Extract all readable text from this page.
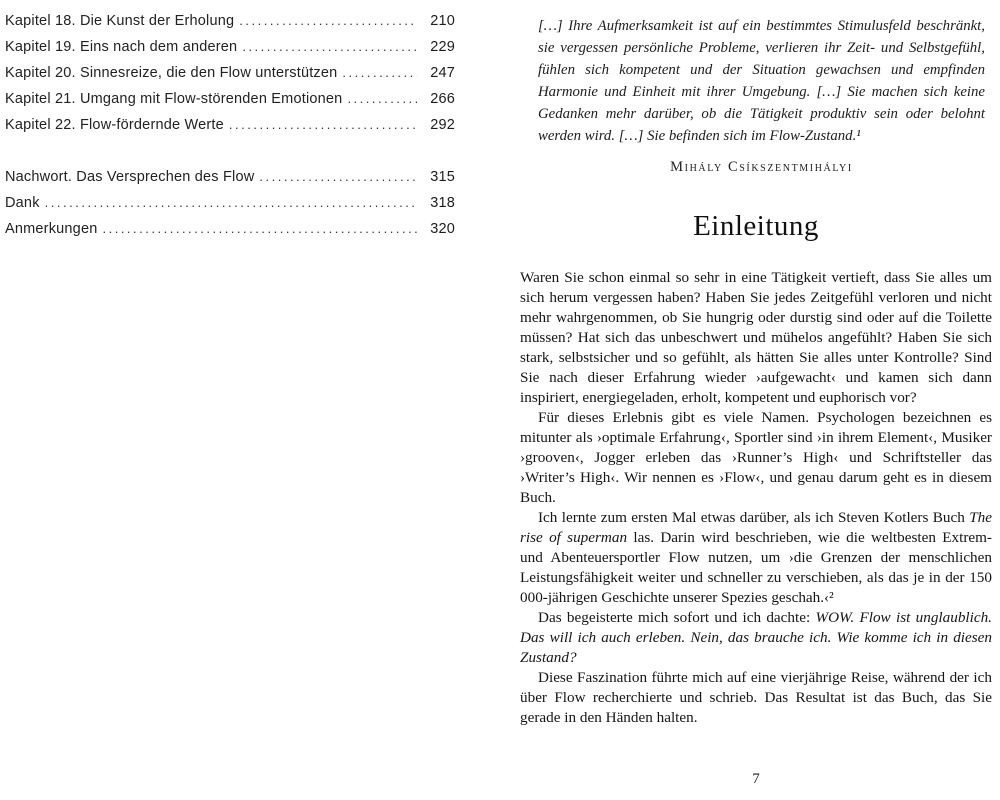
Kapitel 18. Die Kunst der Erholung .....	210
Kapitel 19. Eins nach dem anderen .....	229
Kapitel 20. Sinnesreize, die den Flow unterstützen .....	247
Kapitel 21. Umgang mit Flow-störenden Emotionen .....	266
Kapitel 22. Flow-fördernde Werte .....	292
Nachwort. Das Versprechen des Flow .....	315
Dank .....	318
Anmerkungen .....	320

[…] Ihre Aufmerksamkeit ist auf ein bestimmtes Stimulusfeld beschränkt, sie vergessen persönliche Probleme, verlieren ihr Zeit- und Selbstgefühl, fühlen sich kompetent und der Situation gewachsen und empfinden Harmonie und Einheit mit ihrer Umgebung. […] Sie machen sich keine Gedanken mehr darüber, ob die Tätigkeit produktiv sein oder belohnt werden wird. […] Sie befinden sich im Flow-Zustand.¹

Mihály Csíkszentmihályi

Einleitung

Waren Sie schon einmal so sehr in eine Tätigkeit vertieft, dass Sie alles um sich herum vergessen haben? Haben Sie jedes Zeitgefühl verloren und nicht mehr wahrgenommen, ob Sie hungrig oder durstig sind oder auf die Toilette müssen? Hat sich das unbeschwert und mühelos angefühlt? Haben Sie sich stark, selbstsicher und so gefühlt, als hätten Sie alles unter Kontrolle? Sind Sie nach dieser Erfahrung wieder ›aufgewacht‹ und kamen sich dann inspiriert, energiegeladen, erholt, kompetent und euphorisch vor?

Für dieses Erlebnis gibt es viele Namen. Psychologen bezeichnen es mitunter als ›optimale Erfahrung‹, Sportler sind ›in ihrem Element‹, Musiker ›grooven‹, Jogger erleben das ›Runner’s High‹ und Schriftsteller das ›Writer’s High‹. Wir nennen es ›Flow‹, und genau darum geht es in diesem Buch.

Ich lernte zum ersten Mal etwas darüber, als ich Steven Kotlers Buch The rise of superman las. Darin wird beschrieben, wie die weltbesten Extrem- und Abenteuersportler Flow nutzen, um ›die Grenzen der menschlichen Leistungsfähigkeit weiter und schneller zu verschieben, als das je in der 150 000-jährigen Geschichte unserer Spezies geschah.‹²

Das begeisterte mich sofort und ich dachte: WOW. Flow ist unglaublich. Das will ich auch erleben. Nein, das brauche ich. Wie komme ich in diesen Zustand?

Diese Faszination führte mich auf eine vierjährige Reise, während der ich über Flow recherchierte und schrieb. Das Resultat ist das Buch, das Sie gerade in den Händen halten.

7
